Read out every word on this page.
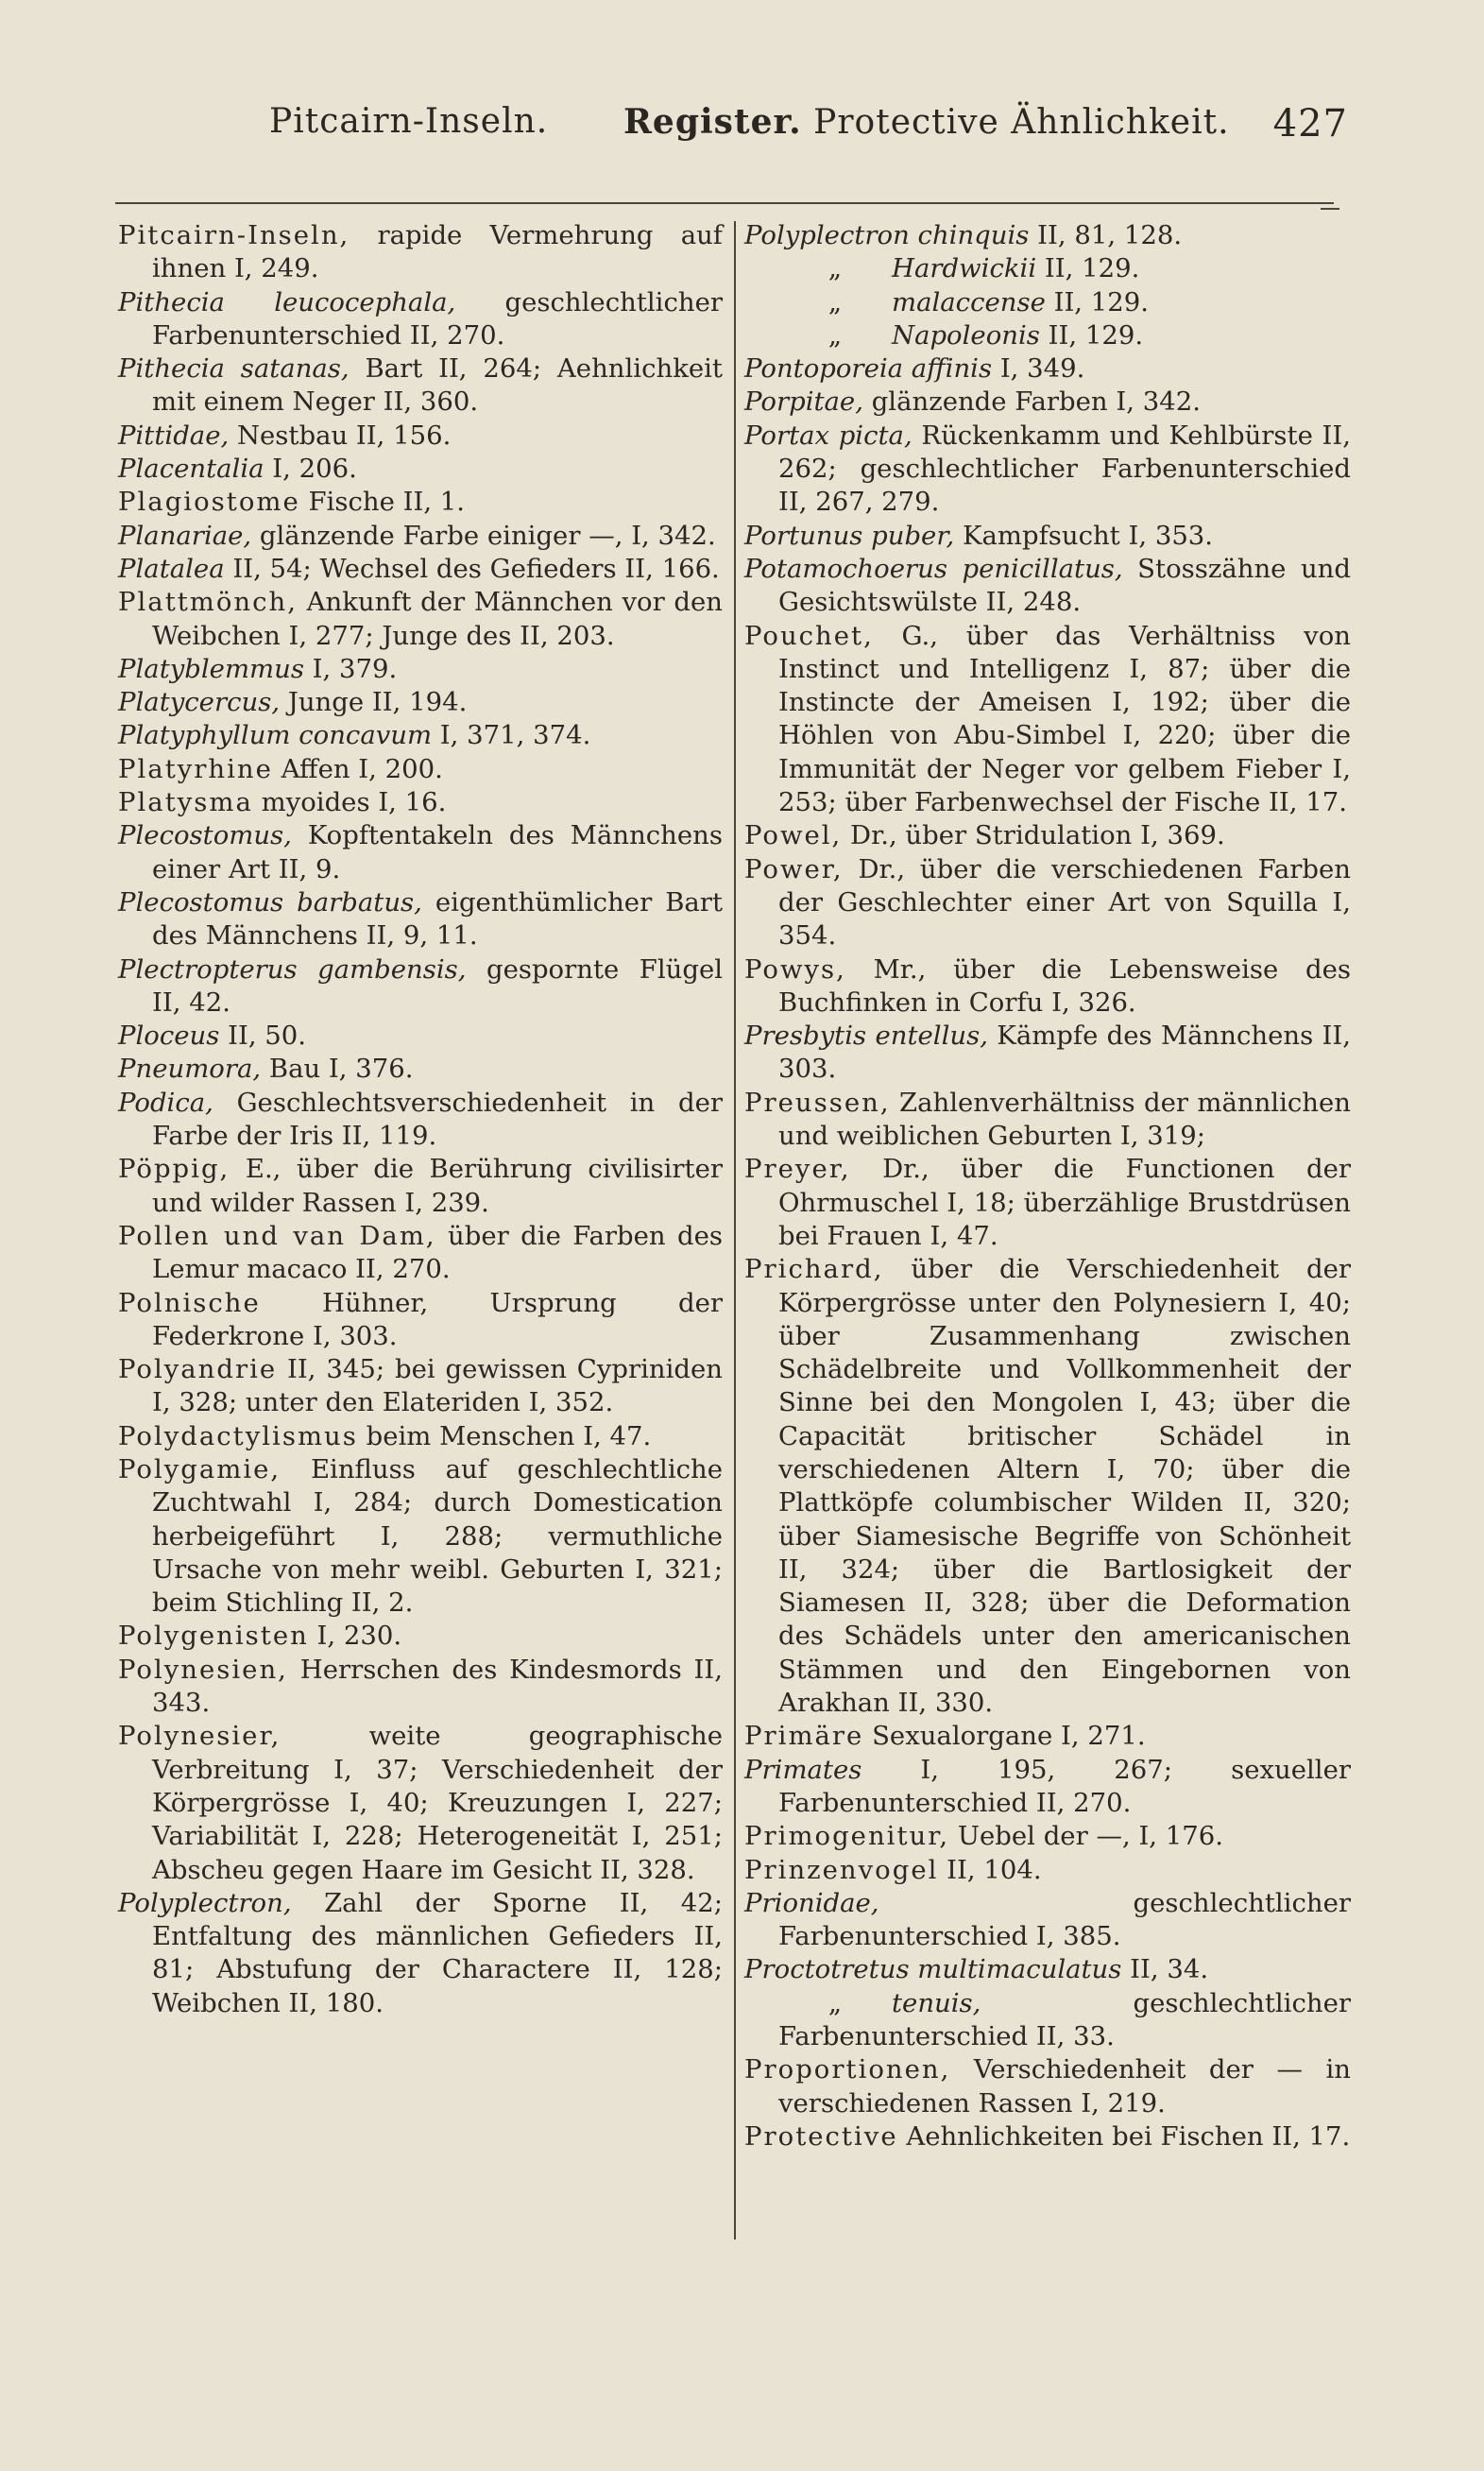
Pitcairn-Inseln. Register. Protective Ähnlichkeit. 427
Pitcairn-Inseln, rapide Vermehrung auf ihnen I, 249.
Pithecia leucocephala, geschlechtlicher Farbenunterschied II, 270.
Pithecia satanas, Bart II, 264; Aehnlichkeit mit einem Neger II, 360.
Pittidae, Nestbau II, 156.
Placentalia I, 206.
Plagiostome Fische II, 1.
Planariae, glänzende Farbe einiger —, I, 342.
Platalea II, 54; Wechsel des Gefieders II, 166.
Plattmönch, Ankunft der Männchen vor den Weibchen I, 277; Junge des II, 203.
Platyblemmus I, 379.
Platycercus, Junge II, 194.
Platyphyllum concavum I, 371, 374.
Platyrhine Affen I, 200.
Platysma myoides I, 16.
Plecostomus, Kopftentakeln des Männchens einer Art II, 9.
Plecostomus barbatus, eigenthümlicher Bart des Männchens II, 9, 11.
Plectropterus gambensis, gespornte Flügel II, 42.
Ploceus II, 50.
Pneumora, Bau I, 376.
Podica, Geschlechtsverschiedenheit in der Farbe der Iris II, 119.
Pöppig, E., über die Berührung civilisirter und wilder Rassen I, 239.
Pollen und van Dam, über die Farben des Lemur macaco II, 270.
Polnische Hühner, Ursprung der Federkrone I, 303.
Polyandrie II, 345; bei gewissen Cypriniden I, 328; unter den Elateriden I, 352.
Polydactylismus beim Menschen I, 47.
Polygamie, Einfluss auf geschlechtliche Zuchtwahl I, 284; durch Domestication herbeigeführt I, 288; vermuthliche Ursache von mehr weibl. Geburten I, 321; beim Stichling II, 2.
Polygenisten I, 230.
Polynesien, Herrschen des Kindesmords II, 343.
Polynesier, weite geographische Verbreitung I, 37; Verschiedenheit der Körpergrösse I, 40; Kreuzungen I, 227; Variabilität I, 228; Heterogeneität I, 251; Abscheu gegen Haare im Gesicht II, 328.
Polyplectron, Zahl der Sporne II, 42; Entfaltung des männlichen Gefieders II, 81; Abstufung der Charactere II, 128; Weibchen II, 180.
Polyplectron chinquis II, 81, 128.
„ Hardwickii II, 129.
„ malaccense II, 129.
„ Napoleonis II, 129.
Pontoporeia affinis I, 349.
Porpitae, glänzende Farben I, 342.
Portax picta, Rückenkamm und Kehlbürste II, 262; geschlechtlicher Farbenunterschied II, 267, 279.
Portunus puber, Kampfsucht I, 353.
Potamochoerus penicillatus, Stosszähne und Gesichtswülste II, 248.
Pouchet, G., über das Verhältniss von Instinct und Intelligenz I, 87; über die Instincte der Ameisen I, 192; über die Höhlen von Abu-Simbel I, 220; über die Immunität der Neger vor gelbem Fieber I, 253; über Farbenwechsel der Fische II, 17.
Powel, Dr., über Stridulation I, 369.
Power, Dr., über die verschiedenen Farben der Geschlechter einer Art von Squilla I, 354.
Powys, Mr., über die Lebensweise des Buchfinken in Corfu I, 326.
Presbytis entellus, Kämpfe des Männchens II, 303.
Preussen, Zahlenverhältniss der männlichen und weiblichen Geburten I, 319;
Preyer, Dr., über die Functionen der Ohrmuschel I, 18; überzählige Brustdrüsen bei Frauen I, 47.
Prichard, über die Verschiedenheit der Körpergrösse unter den Polynesiern I, 40; über Zusammenhang zwischen Schädelbreite und Vollkommenheit der Sinne bei den Mongolen I, 43; über die Capacität britischer Schädel in verschiedenen Altern I, 70; über die Plattköpfe columbischer Wilden II, 320; über Siamesische Begriffe von Schönheit II, 324; über die Bartlosigkeit der Siamesen II, 328; über die Deformation des Schädels unter den americanischen Stämmen und den Eingebornen von Arakhan II, 330.
Primäre Sexualorgane I, 271.
Primates I, 195, 267; sexueller Farbenunterschied II, 270.
Primogenitur, Uebel der —, I, 176.
Prinzenvogel II, 104.
Prionidae, geschlechtlicher Farbenunterschied I, 385.
Proctotretus multimaculatus II, 34.
„ tenuis, geschlechtlicher Farbenunterschied II, 33.
Proportionen, Verschiedenheit der — in verschiedenen Rassen I, 219.
Protective Aehnlichkeiten bei Fischen II, 17.
